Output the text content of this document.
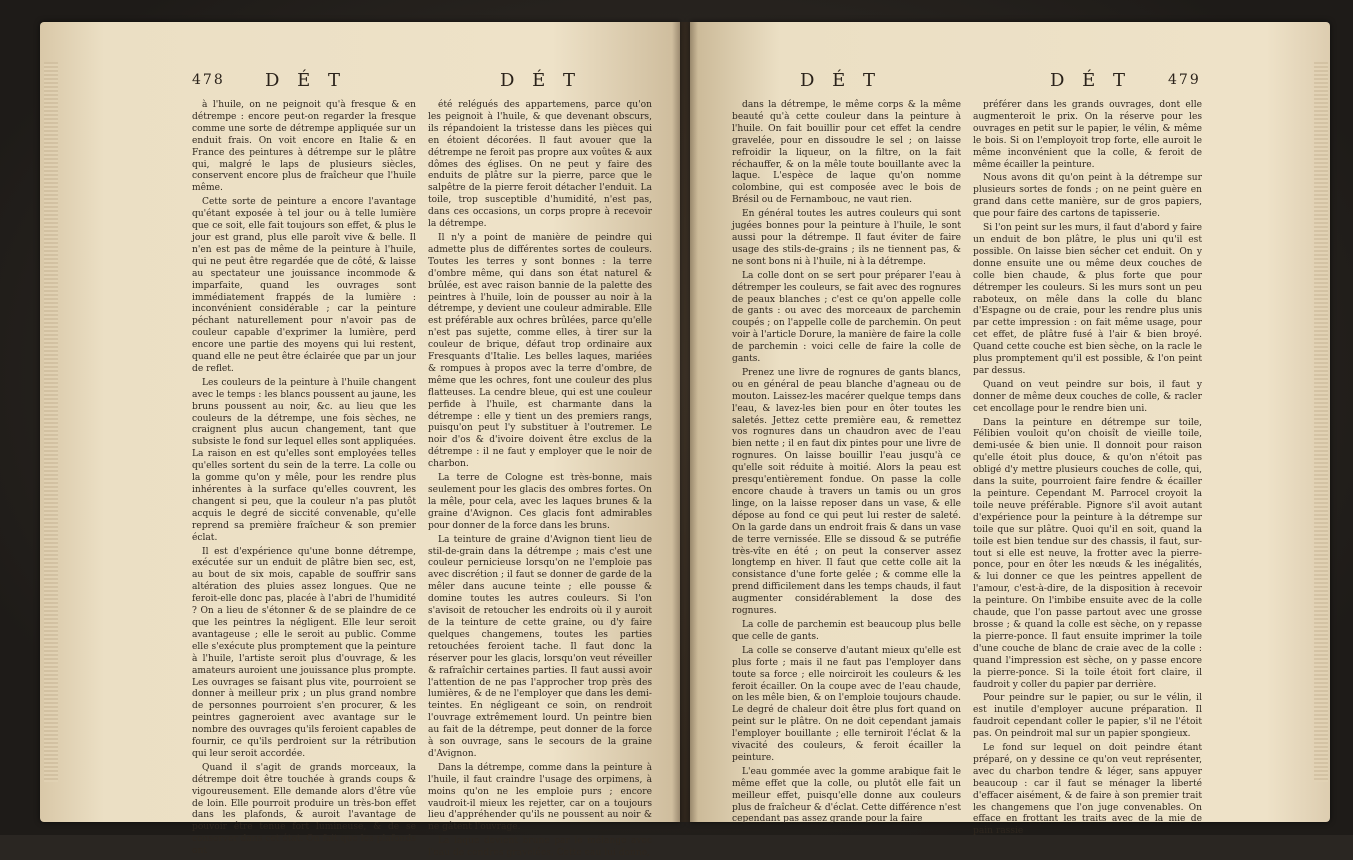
478 D É T	D É T

à l'huile, on ne peignoit qu'à fresque & en détrempe : encore peut-on regarder la fresque comme une sorte de détrempe appliquée sur un enduit frais. On voit encore en Italie & en France des peintures à détrempe sur le plâtre qui, malgré le laps de plusieurs siècles, conservent encore plus de fraîcheur que l'huile même.

Cette sorte de peinture a encore l'avantage qu'étant exposée à tel jour ou à telle lumière que ce soit, elle fait toujours son effet, & plus le jour est grand, plus elle paroît vive & belle. Il n'en est pas de même de la peinture à l'huile, qui ne peut être regardée que de côté, & laisse au spectateur une jouissance incommode & imparfaite, quand les ouvrages sont immédiatement frappés de la lumière : inconvénient considérable ; car la peinture péchant naturellement pour n'avoir pas de couleur capable d'exprimer la lumière, perd encore une partie des moyens qui lui restent, quand elle ne peut être éclairée que par un jour de reflet.

Les couleurs de la peinture à l'huile changent avec le temps : les blancs poussent au jaune, les bruns poussent au noir, &c. au lieu que les couleurs de la détrempe, une fois sèches, ne craignent plus aucun changement, tant que subsiste le fond sur lequel elles sont appliquées. La raison en est qu'elles sont employées telles qu'elles sortent du sein de la terre. La colle ou la gomme qu'on y mêle, pour les rendre plus inhérentes à la surface qu'elles couvrent, les changent si peu, que la couleur n'a pas plutôt acquis le degré de siccité convenable, qu'elle reprend sa première fraîcheur & son premier éclat.

Il est d'expérience qu'une bonne détrempe, exécutée sur un enduit de plâtre bien sec, est, au bout de six mois, capable de souffrir sans altération des pluies assez longues. Que ne feroit-elle donc pas, placée à l'abri de l'humidité ? On a lieu de s'étonner & de se plaindre de ce que les peintres la négligent. Elle leur seroit avantageuse ; elle le seroit au public. Comme elle s'exécute plus promptement que la peinture à l'huile, l'artiste seroit plus d'ouvrage, & les amateurs auroient une jouissance plus prompte. Les ouvrages se faisant plus vite, pourroient se donner à meilleur prix ; un plus grand nombre de personnes pourroient s'en procurer, & les peintres gagneroient avec avantage sur le nombre des ouvrages qu'ils feroient capables de fournir, ce qu'ils perdroient sur la rétribution qui leur seroit accordée.

Quand il s'agit de grands morceaux, la détrempe doit être touchée à grands coups & vigoureusement. Elle demande alors d'être vûe de loin. Elle pourroit produire un très-bon effet dans les plafonds, & auroit l'avantage de pouvoir être tenue fort lumineuse, & de se conserver dans cet état. On fait que les plafonds ont

été relégués des appartemens, parce qu'on les peignoit à l'huile, & que devenant obscurs, ils répandoient la tristesse dans les pièces qui en étoient décorées. Il faut avouer que la détrempe ne feroit pas propre aux voûtes & aux dômes des églises. On ne peut y faire des enduits de plâtre sur la pierre, parce que le salpêtre de la pierre feroit détacher l'enduit. La toile, trop susceptible d'humidité, n'est pas, dans ces occasions, un corps propre à recevoir la détrempe.

Il n'y a point de manière de peindre qui admette plus de différentes sortes de couleurs. Toutes les terres y sont bonnes : la terre d'ombre même, qui dans son état naturel & brûlée, est avec raison bannie de la palette des peintres à l'huile, loin de pousser au noir à la détrempe, y devient une couleur admirable. Elle est préférable aux ochres brûlées, parce qu'elle n'est pas sujette, comme elles, à tirer sur la couleur de brique, défaut trop ordinaire aux Fresquants d'Italie. Les belles laques, mariées & rompues à propos avec la terre d'ombre, de même que les ochres, font une couleur des plus flatteuses. La cendre bleue, qui est une couleur perfide à l'huile, est charmante dans la détrempe : elle y tient un des premiers rangs, puisqu'on peut l'y substituer à l'outremer. Le noir d'os & d'ivoire doivent être exclus de la détrempe : il ne faut y employer que le noir de charbon.

La terre de Cologne est très-bonne, mais seulement pour les glacis des ombres fortes. On la mêle, pour cela, avec les laques brunes & la graine d'Avignon. Ces glacis font admirables pour donner de la force dans les bruns.

La teinture de graine d'Avignon tient lieu de stil-de-grain dans la détrempe ; mais c'est une couleur pernicieuse lorsqu'on ne l'emploie pas avec discrétion ; il faut se donner de garde de la mêler dans aucune teinte ; elle pousse & domine toutes les autres couleurs. Si l'on s'avisoit de retoucher les endroits où il y auroit de la teinture de cette graine, ou d'y faire quelques changemens, toutes les parties retouchées feroient tache. Il faut donc la réserver pour les glacis, lorsqu'on veut réveiller & rafraîchir certaines parties. Il faut aussi avoir l'attention de ne pas l'approcher trop près des lumières, & de ne l'employer que dans les demi-teintes. En négligeant ce soin, on rendroit l'ouvrage extrêmement lourd. Un peintre bien au fait de la détrempe, peut donner de la force à son ouvrage, sans le secours de la graine d'Avignon.

Dans la détrempe, comme dans la peinture à l'huile, il faut craindre l'usage des orpimens, à moins qu'on ne les emploie purs ; encore vaudroit-il mieux les rejetter, car on a toujours lieu d'appréhender qu'ils ne poussent au noir & ne gâtent l'ouvrage.

La laque devient brune par le mélange avec l'eau de cendres gravelées. Cette eau lui donne,

D É T	D É T	479

dans la détrempe, le même corps & la même beauté qu'à cette couleur dans la peinture à l'huile. On fait bouillir pour cet effet la cendre gravelée, pour en dissoudre le sel ; on laisse refroidir la liqueur, on la filtre, on la fait réchauffer, & on la mêle toute bouillante avec la laque. L'espèce de laque qu'on nomme colombine, qui est composée avec le bois de Brésil ou de Fernambouc, ne vaut rien.

En général toutes les autres couleurs qui sont jugées bonnes pour la peinture à l'huile, le sont aussi pour la détrempe. Il faut éviter de faire usage des stils-de-grains ; ils ne tiennent pas, & ne sont bons ni à l'huile, ni à la détrempe.

La colle dont on se sert pour préparer l'eau à détremper les couleurs, se fait avec des rognures de peaux blanches ; c'est ce qu'on appelle colle de gants : ou avec des morceaux de parchemin coupés ; on l'appelle colle de parchemin. On peut voir à l'article Dorure, la manière de faire la colle de parchemin : voici celle de faire la colle de gants.

Prenez une livre de rognures de gants blancs, ou en général de peau blanche d'agneau ou de mouton. Laissez-les macérer quelque temps dans l'eau, & lavez-les bien pour en ôter toutes les saletés. Jettez cette première eau, & remettez vos rognures dans un chaudron avec de l'eau bien nette ; il en faut dix pintes pour une livre de rognures. On laisse bouillir l'eau jusqu'à ce qu'elle soit réduite à moitié. Alors la peau est presqu'entièrement fondue. On passe la colle encore chaude à travers un tamis ou un gros linge, on la laisse reposer dans un vase, & elle dépose au fond ce qui peut lui rester de saleté. On la garde dans un endroit frais & dans un vase de terre vernissée. Elle se dissoud & se putréfie très-vîte en été ; on peut la conserver assez longtemp en hiver. Il faut que cette colle ait la consistance d'une forte gelée ; & comme elle la prend difficilement dans les temps chauds, il faut augmenter considérablement la dose des rognures.

La colle de parchemin est beaucoup plus belle que celle de gants.

La colle se conserve d'autant mieux qu'elle est plus forte ; mais il ne faut pas l'employer dans toute sa force ; elle noirciroit les couleurs & les feroit écailler. On la coupe avec de l'eau chaude, on les mêle bien, & on l'emploie toujours chaude. Le degré de chaleur doit être plus fort quand on peint sur le plâtre. On ne doit cependant jamais l'employer bouillante ; elle terniroit l'éclat & la vivacité des couleurs, & feroit écailler la peinture.

L'eau gommée avec la gomme arabique fait le même effet que la colle, ou plutôt elle fait un meilleur effet, puisqu'elle donne aux couleurs plus de fraîcheur & d'éclat. Cette différence n'est cependant pas assez grande pour la faire

préférer dans les grands ouvrages, dont elle augmenteroit le prix. On la réserve pour les ouvrages en petit sur le papier, le vélin, & même le bois. Si on l'employoit trop forte, elle auroit le même inconvénient que la colle, & feroit de même écailler la peinture.

Nous avons dit qu'on peint à la détrempe sur plusieurs sortes de fonds ; on ne peint guère en grand dans cette manière, sur de gros papiers, que pour faire des cartons de tapisserie.

Si l'on peint sur les murs, il faut d'abord y faire un enduit de bon plâtre, le plus uni qu'il est possible. On laisse bien sécher cet enduit. On y donne ensuite une ou même deux couches de colle bien chaude, & plus forte que pour détremper les couleurs. Si les murs sont un peu raboteux, on mêle dans la colle du blanc d'Espagne ou de craie, pour les rendre plus unis par cette impression : on fait même usage, pour cet effet, de plâtre fusé à l'air & bien broyé. Quand cette couche est bien sèche, on la racle le plus promptement qu'il est possible, & l'on peint par dessus.

Quand on veut peindre sur bois, il faut y donner de même deux couches de colle, & racler cet encollage pour le rendre bien uni.

Dans la peinture en détrempe sur toile, Félibien vouloit qu'on choisît de vieille toile, demi-usée & bien unie. Il donnoit pour raison qu'elle étoit plus douce, & qu'on n'étoit pas obligé d'y mettre plusieurs couches de colle, qui, dans la suite, pourroient faire fendre & écailler la peinture. Cependant M. Parrocel croyoit la toile neuve préférable. Pignore s'il avoit autant d'expérience pour la peinture à la détrempe sur toile que sur plâtre. Quoi qu'il en soit, quand la toile est bien tendue sur des chassis, il faut, sur-tout si elle est neuve, la frotter avec la pierre-ponce, pour en ôter les nœuds & les inégalités, & lui donner ce que les peintres appellent de l'amour, c'est-à-dire, de la disposition à recevoir la peinture. On l'imbibe ensuite avec de la colle chaude, que l'on passe partout avec une grosse brosse ; & quand la colle est sèche, on y repasse la pierre-ponce. Il faut ensuite imprimer la toile d'une couche de blanc de craie avec de la colle : quand l'impression est sèche, on y passe encore la pierre-ponce. Si la toile étoit fort claire, il faudroit y coller du papier par derrière.

Pour peindre sur le papier, ou sur le vélin, il est inutile d'employer aucune préparation. Il faudroit cependant coller le papier, s'il ne l'étoit pas. On peindroit mal sur un papier spongieux.

Le fond sur lequel on doit peindre étant préparé, on y dessine ce qu'on veut représenter, avec du charbon tendre & léger, sans appuyer beaucoup : car il faut se ménager la liberté d'effacer aisément, & de faire à son premier trait les changemens que l'on juge convenables. On efface en frottant les traits avec de la mie de pain rassie
